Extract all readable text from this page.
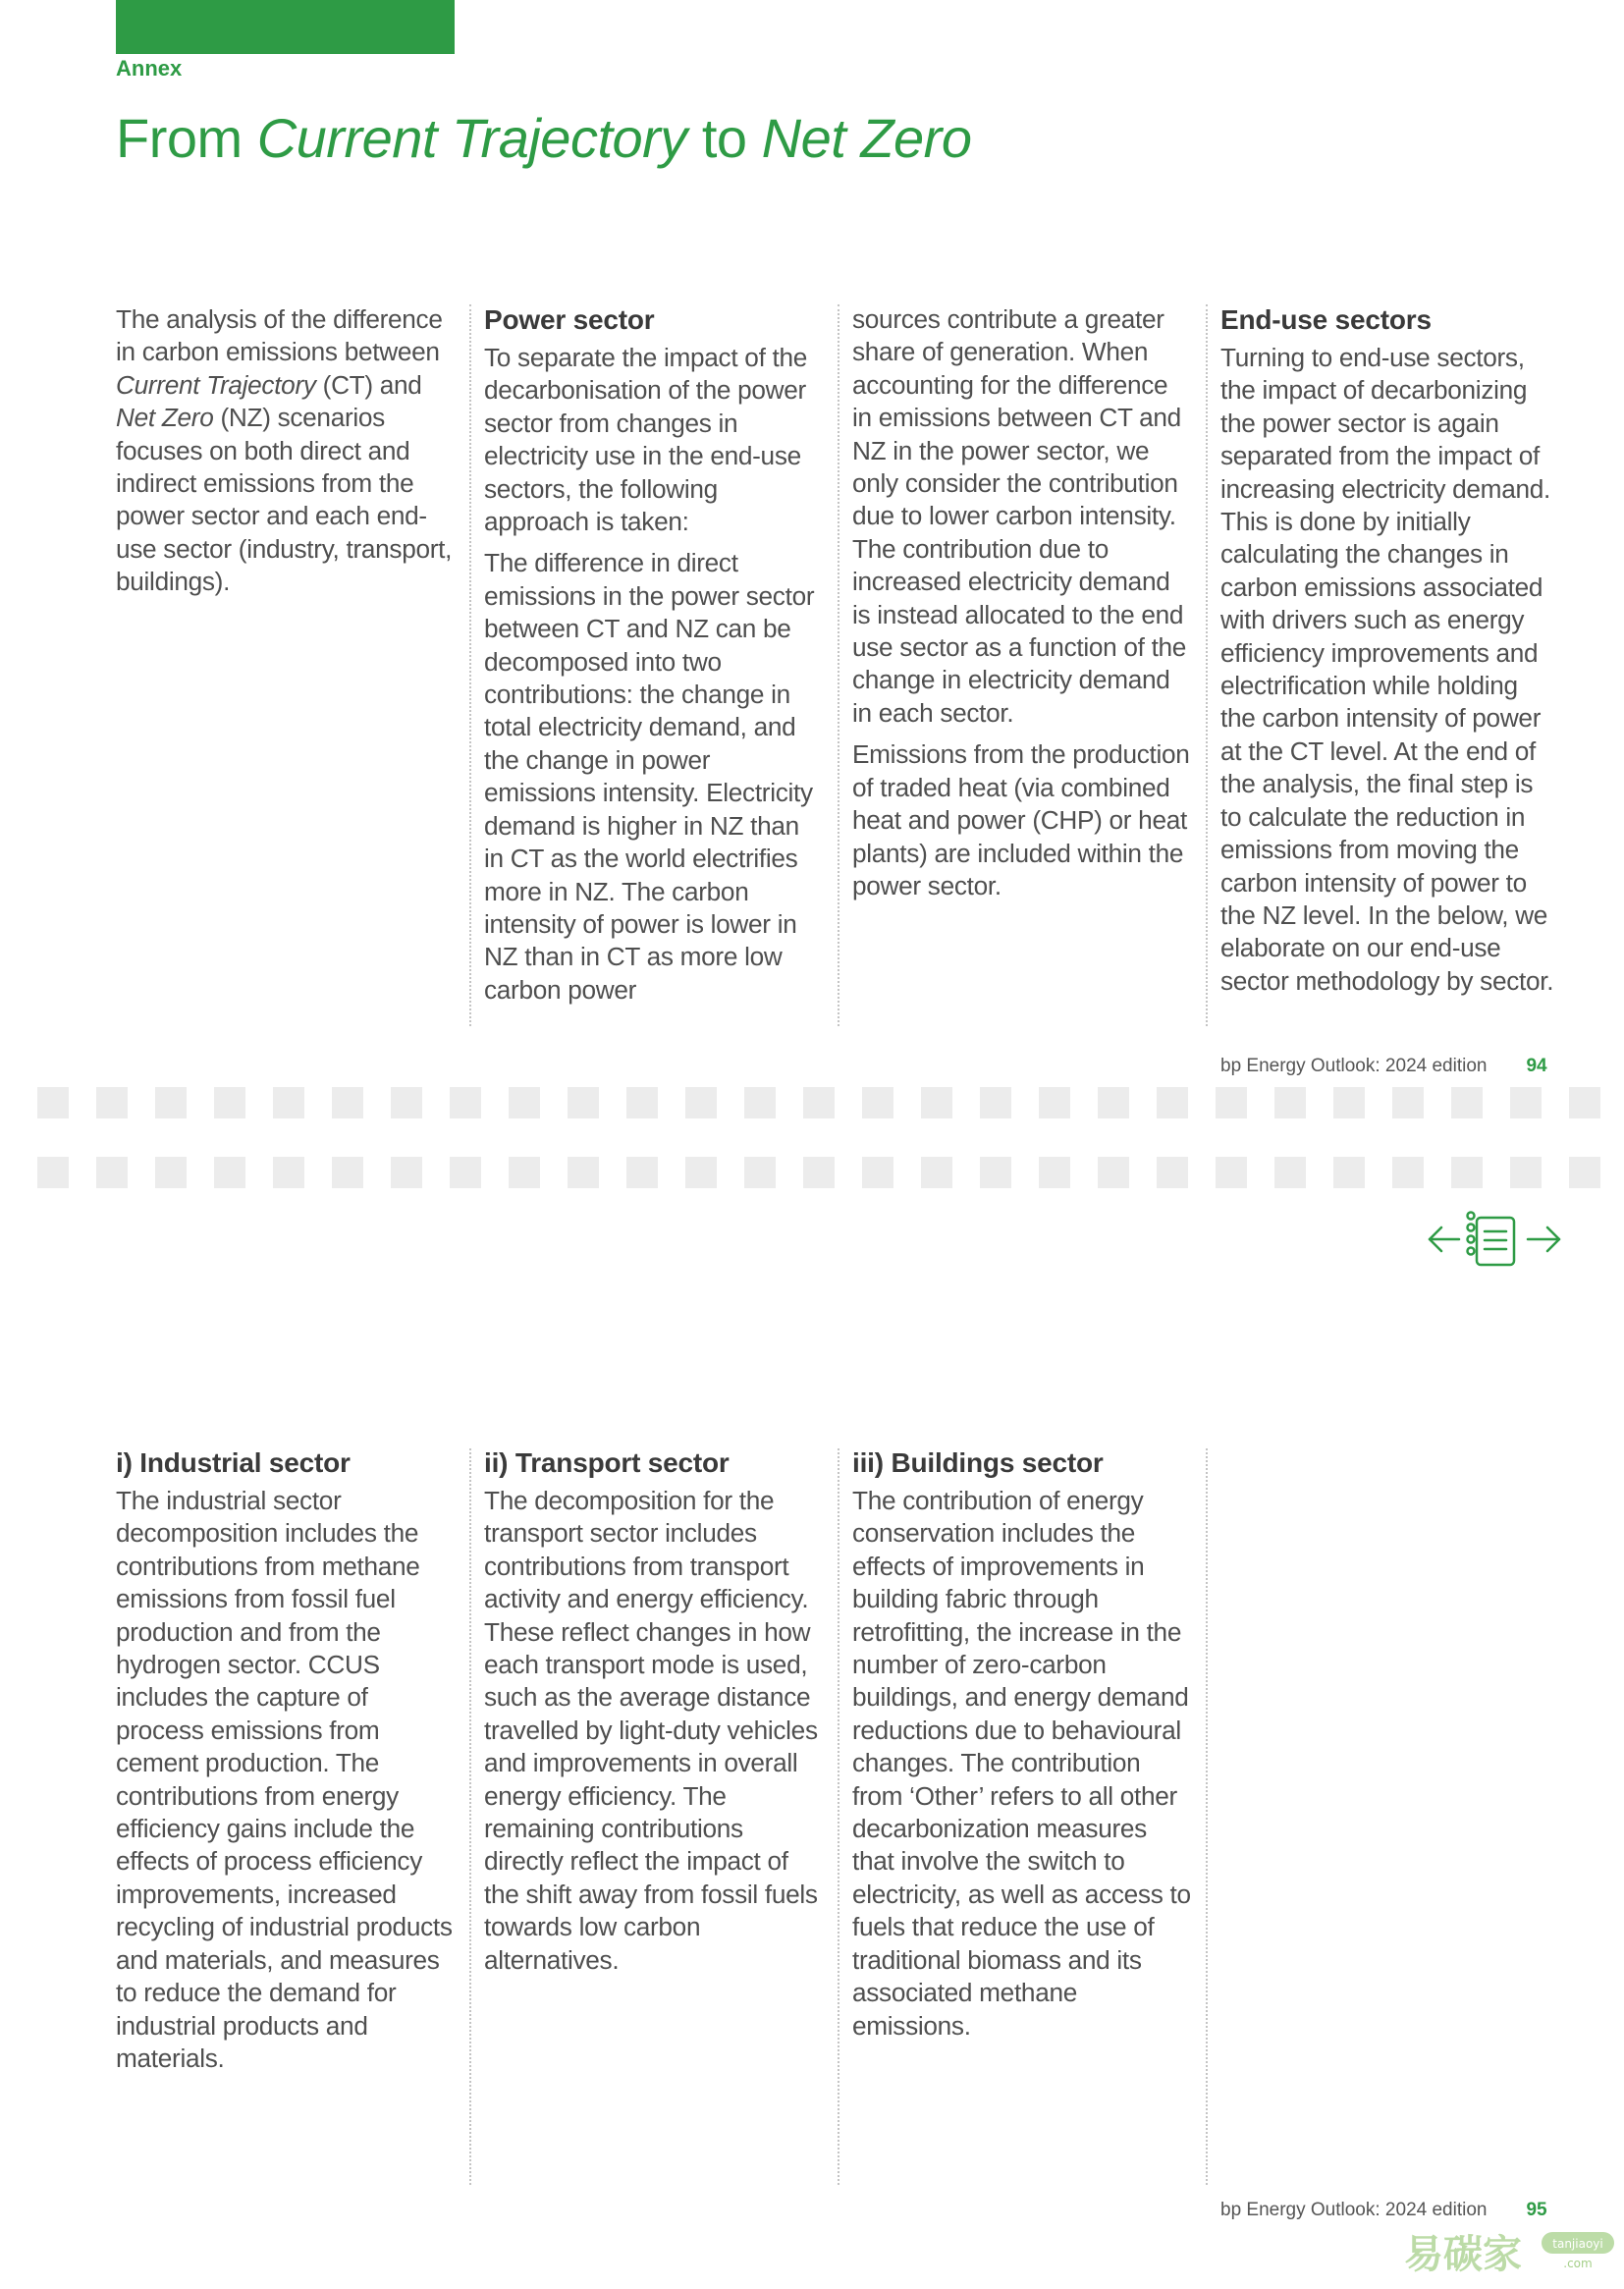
Annex
From Current Trajectory to Net Zero

The analysis of the difference in carbon emissions between Current Trajectory (CT) and Net Zero (NZ) scenarios focuses on both direct and indirect emissions from the power sector and each end-use sector (industry, transport, buildings).

Power sector

To separate the impact of the decarbonisation of the power sector from changes in electricity use in the end-use sectors, the following approach is taken:

The difference in direct emissions in the power sector between CT and NZ can be decomposed into two contributions: the change in total electricity demand, and the change in power emissions intensity. Electricity demand is higher in NZ than in CT as the world electrifies more in NZ. The carbon intensity of power is lower in NZ than in CT as more low carbon power

sources contribute a greater share of generation. When accounting for the difference in emissions between CT and NZ in the power sector, we only consider the contribution due to lower carbon intensity. The contribution due to increased electricity demand is instead allocated to the end use sector as a function of the change in electricity demand in each sector.

Emissions from the production of traded heat (via combined heat and power (CHP) or heat plants) are included within the power sector.

End-use sectors

Turning to end-use sectors, the impact of decarbonizing the power sector is again separated from the impact of increasing electricity demand. This is done by initially calculating the changes in carbon emissions associated with drivers such as energy efficiency improvements and electrification while holding the carbon intensity of power at the CT level. At the end of the analysis, the final step is to calculate the reduction in emissions from moving the carbon intensity of power to the NZ level. In the below, we elaborate on our end-use sector methodology by sector.

bp Energy Outlook: 2024 edition 94
i) Industrial sector

The industrial sector decomposition includes the contributions from methane emissions from fossil fuel production and from the hydrogen sector. CCUS includes the capture of process emissions from cement production. The contributions from energy efficiency gains include the effects of process efficiency improvements, increased recycling of industrial products and materials, and measures to reduce the demand for industrial products and materials.

ii) Transport sector

The decomposition for the transport sector includes contributions from transport activity and energy efficiency. These reflect changes in how each transport mode is used, such as the average distance travelled by light-duty vehicles and improvements in overall energy efficiency. The remaining contributions directly reflect the impact of the shift away from fossil fuels towards low carbon alternatives.

iii) Buildings sector

The contribution of energy conservation includes the effects of improvements in building fabric through retrofitting, the increase in the number of zero-carbon buildings, and energy demand reductions due to behavioural changes. The contribution from ‘Other’ refers to all other decarbonization measures that involve the switch to electricity, as well as access to fuels that reduce the use of traditional biomass and its associated methane emissions.

bp Energy Outlook: 2024 edition 95
易碳家	tanjiaoyi
.com
